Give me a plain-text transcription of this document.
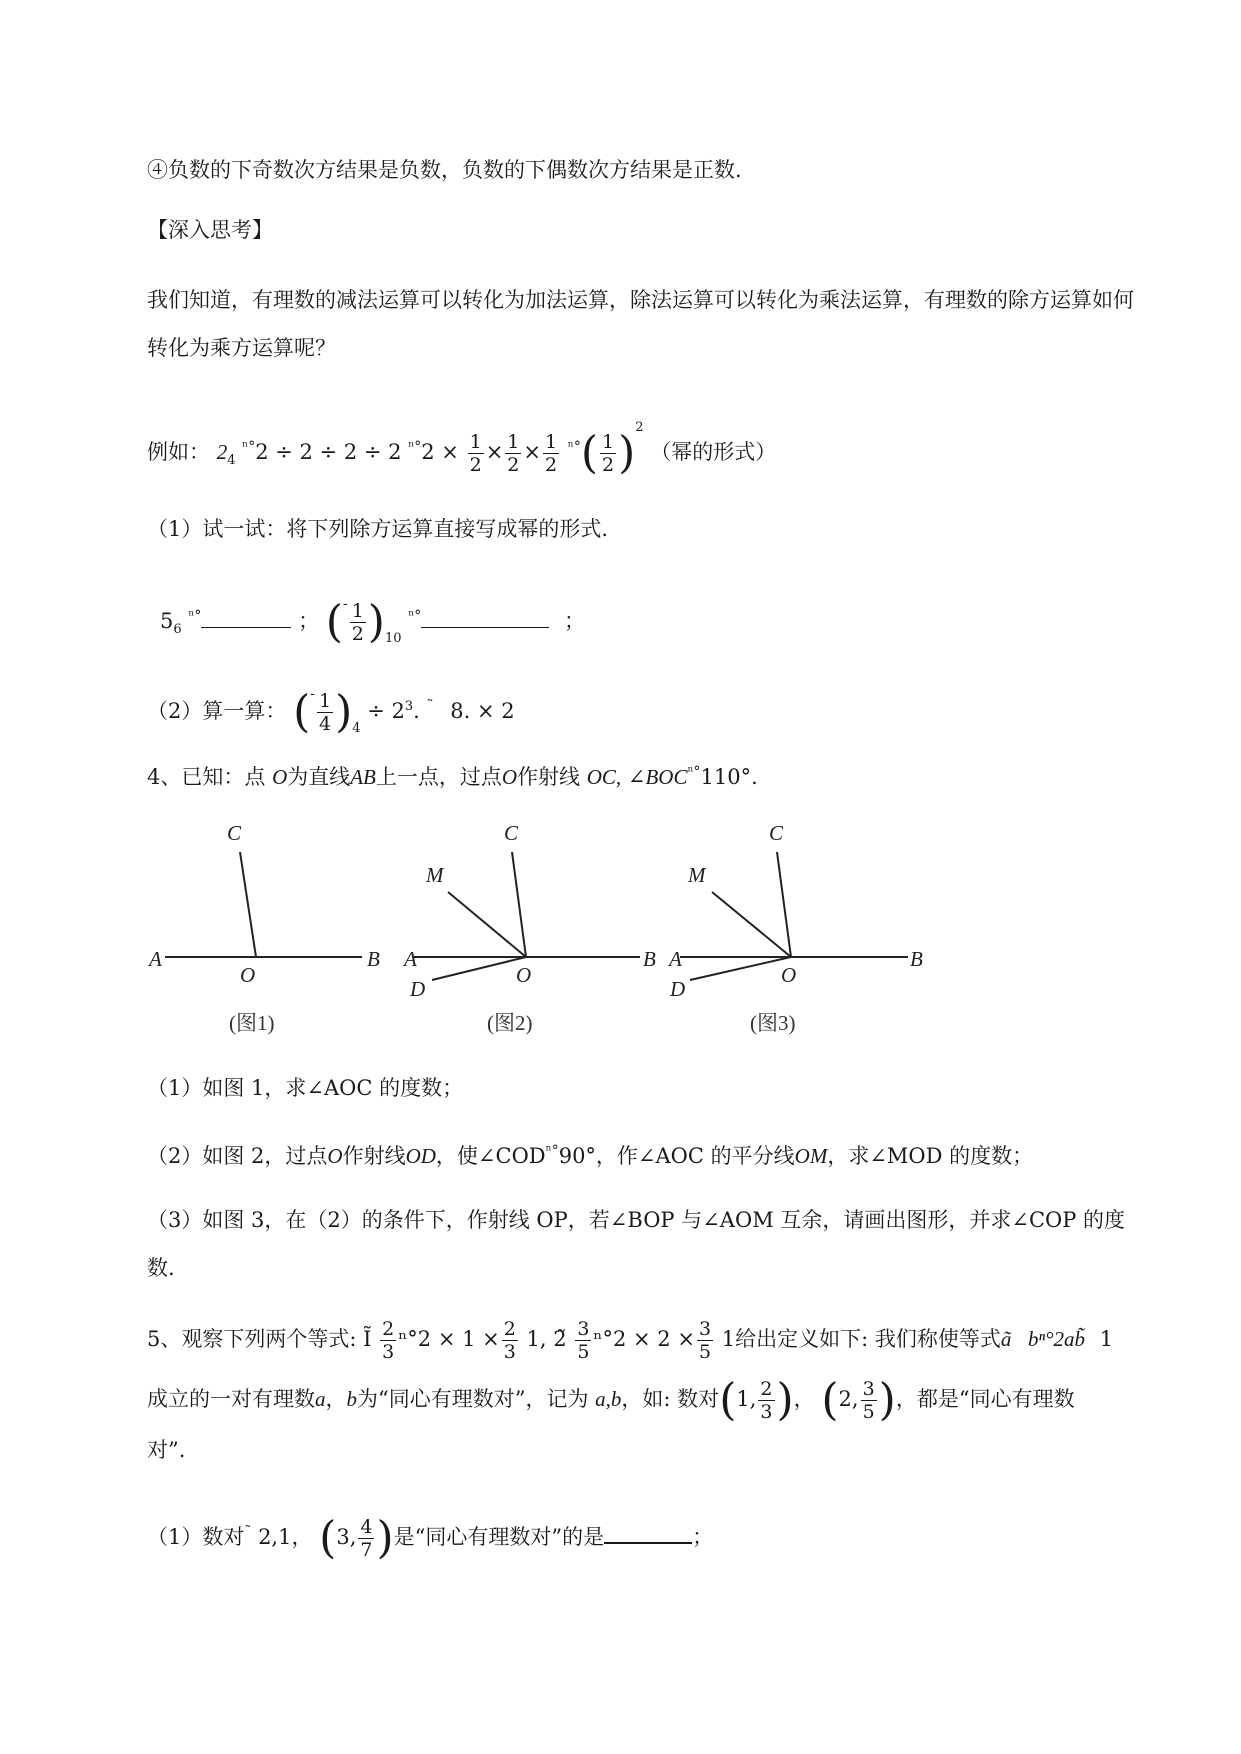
④负数的下奇数次方结果是负数，负数的下偶数次方结果是正数.
【深入思考】
我们知道，有理数的减法运算可以转化为加法运算，除法运算可以转化为乘法运算，有理数的除方运算如何转化为乘方运算呢？
例如： $2_4$ $^{^n^\circ}$2 ÷ 2 ÷ 2 ÷ 2 $^{^n^\circ}2 \times \frac{1}{2} \times \frac{1}{2} \times \frac{1}{2} ^{^n^\circ}( \frac{1}{2} )^2$ （幂的形式）
（1）试一试：将下列除方运算直接写成幂的形式.
$5_6$ $^{^n^\circ}$	； $(^- \frac{1}{2} )_{10}$ $^{^n^\circ}$	；
（2）算一算： $(^- \frac{1}{4} )_4 \div 2^3$. ˜ 8. × 2
4、已知：点 O为直线AB上一点，过点O作射线 OC, $\angle BOC^{^n^\circ}110^\circ$.
C
A	B
O
C
M
A	B
D
O
C
M
A	B
D
O
(图1)	(图2)	(图3)
（1）如图 1，求∠AOC 的度数；
（2）如图 2，过点O作射线OD，使$\angle COD^{^n^\circ}90^\circ$，作∠AOC 的平分线OM，求∠MOD 的度数；
（3）如图 3，在（2）的条件下，作射线 OP，若∠BOP 与∠AOM 互余，请画出图形，并求∠COP 的度数.
5、观察下列两个等式: Ĩ $\frac{2}{3} ^n^\circ 2 \times 1 \times \frac{2}{3} 1$, 2̃ $\frac{3}{5} ^n^\circ 2 \times 2 \times \frac{3}{5} 1$给出定义如下: 我们称使等式ã bⁿ°2ab̃ 1
成立的一对有理数a，b为“同心有理数对”，记为 a,b，如: 数对(1, $\frac{2}{3}$ )， (2, $\frac{3}{5}$ )，都是“同心有理数
对”.
（1）数对˜ 2,1， (3, $\frac{4}{7}$ )是“同心有理数对”的是	；
